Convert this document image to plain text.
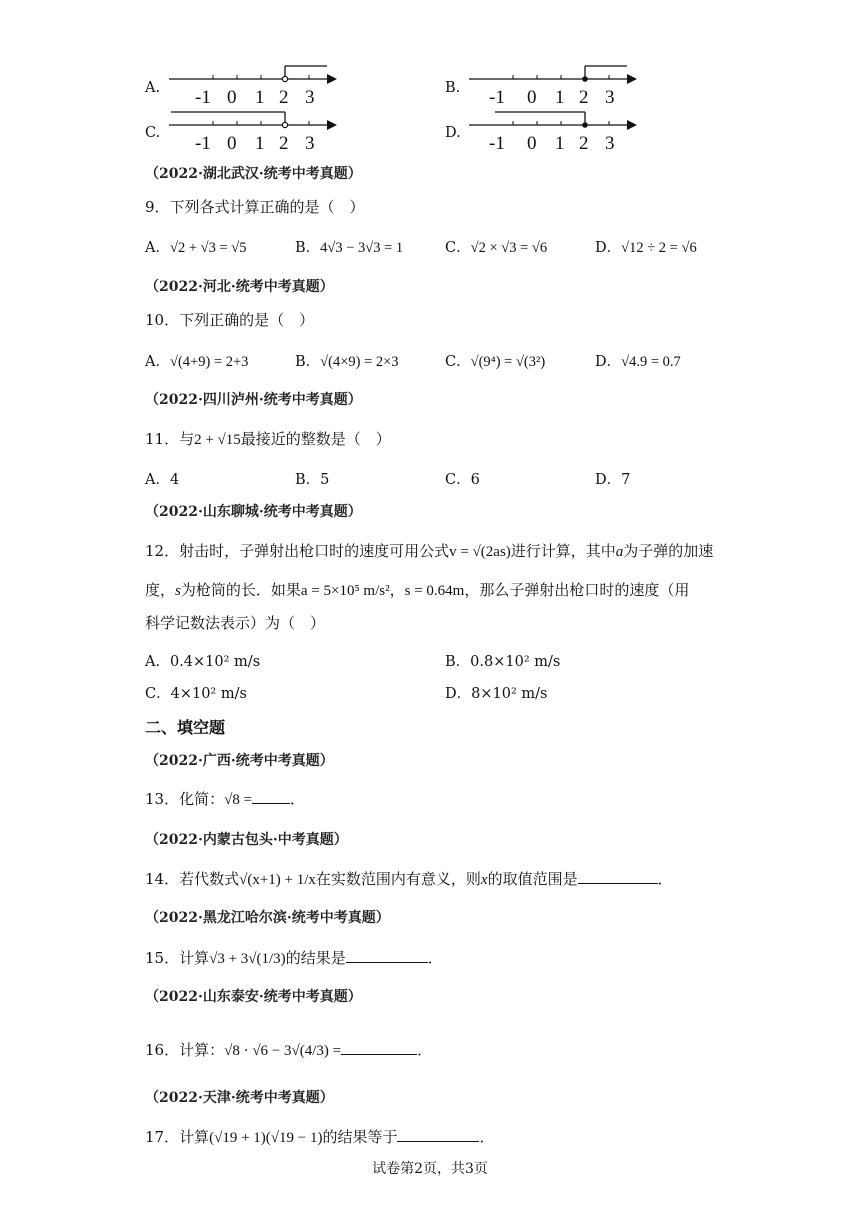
A. -1 0 1 2 3	B. -1 0 1 2 3
C. -1 0 1 2 3	D. -1 0 1 2 3
（2022·湖北武汉·统考中考真题）
9．下列各式计算正确的是（　）
A．√2 + √3 = √5	B．4√3 − 3√3 = 1	C．√2 × √3 = √6	D．√12 ÷ 2 = √6
（2022·河北·统考中考真题）
10．下列正确的是（　）
A．√(4+9) = 2+3	B．√(4×9) = 2×3	C．√(9⁴) = √(3²)	D．√4.9 = 0.7
（2022·四川泸州·统考中考真题）
11．与2 + √15最接近的整数是（　）
A．4	B．5	C．6	D．7
（2022·山东聊城·统考中考真题）
12．射击时，子弹射出枪口时的速度可用公式v = √(2as)进行计算，其中a为子弹的加速
度，s为枪筒的长．如果a = 5×10⁵ m/s²，s = 0.64m，那么子弹射出枪口时的速度（用
科学记数法表示）为（　）
A．0.4×10² m/s	B．0.8×10² m/s
C．4×10² m/s	D．8×10² m/s
二、填空题
（2022·广西·统考中考真题）
13．化简：√8 =	．
（2022·内蒙古包头·中考真题）
14．若代数式√(x+1) + 1/x在实数范围内有意义，则x的取值范围是	．
（2022·黑龙江哈尔滨·统考中考真题）
15．计算√3 + 3√(1/3)的结果是	．
（2022·山东泰安·统考中考真题）
16．计算：√8 · √6 − 3√(4/3) =	．
（2022·天津·统考中考真题）
17．计算(√19 + 1)(√19 − 1)的结果等于	．
试卷第2页，共3页
